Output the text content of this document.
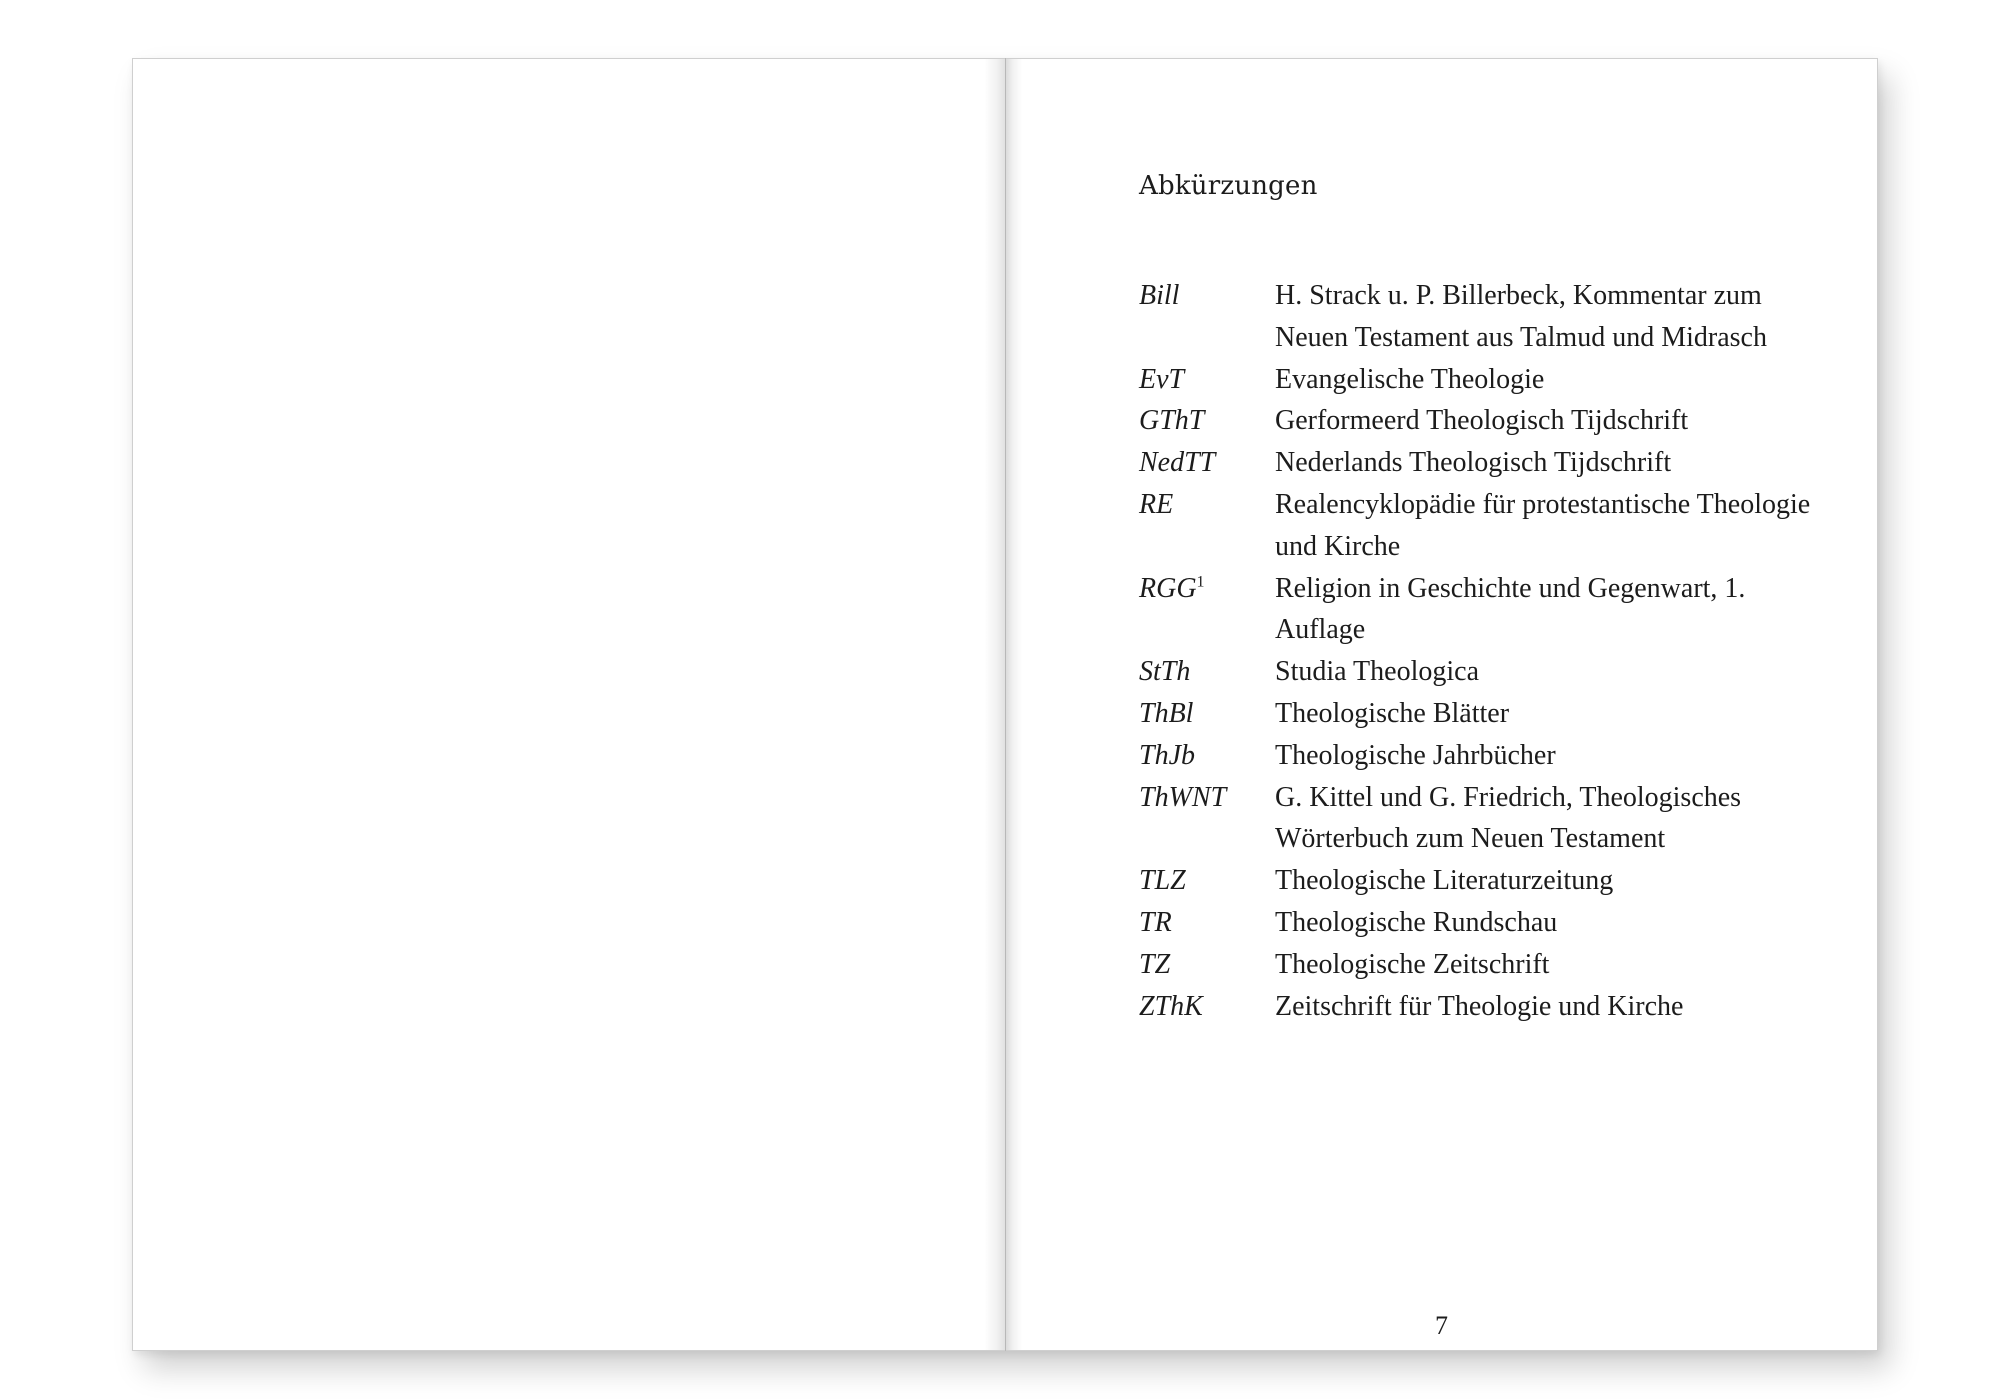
Abkürzungen
Bill	H. Strack u. P. Billerbeck, Kommentar zum Neuen Testament aus Talmud und Midrasch
EvT	Evangelische Theologie
GThT	Gerformeerd Theologisch Tijdschrift
NedTT	Nederlands Theologisch Tijdschrift
RE	Realencyklopädie für protestantische Theologie und Kirche
RGG$^1$	Religion in Geschichte und Gegenwart, 1. Auflage
StTh	Studia Theologica
ThBl	Theologische Blätter
ThJb	Theologische Jahrbücher
ThWNT	G. Kittel und G. Friedrich, Theologisches Wörterbuch zum Neuen Testament
TLZ	Theologische Literaturzeitung
TR	Theologische Rundschau
TZ	Theologische Zeitschrift
ZThK	Zeitschrift für Theologie und Kirche
7
